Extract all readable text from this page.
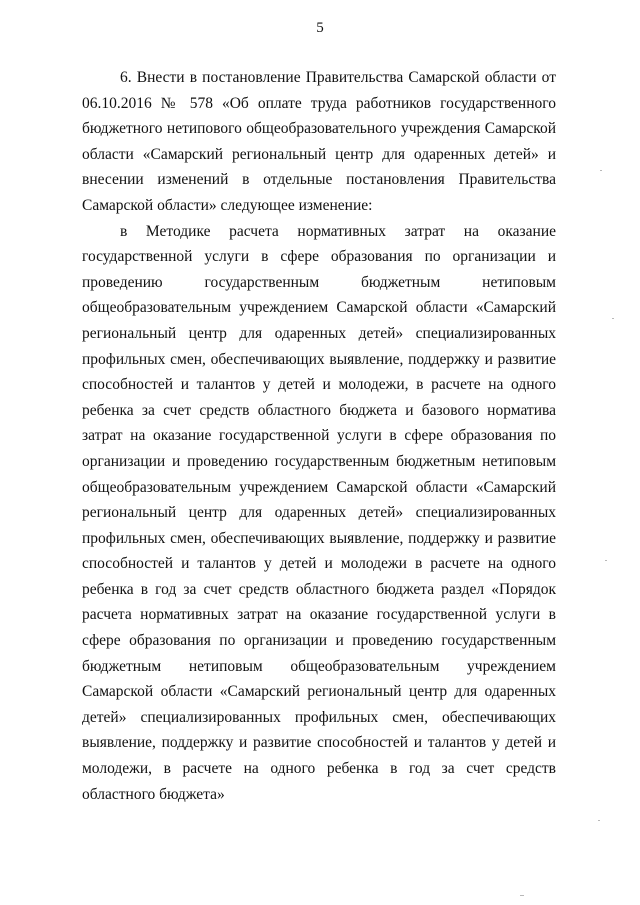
5

6. Внести в постановление Правительства Самарской области от 06.10.2016 № 578 «Об оплате труда работников государственного бюджетного нетипового общеобразовательного учреждения Самарской области «Самарский региональный центр для одаренных детей» и внесении изменений в отдельные постановления Правительства Самарской области» следующее изменение:

в Методике расчета нормативных затрат на оказание государственной услуги в сфере образования по организации и проведению государственным бюджетным нетиповым общеобразовательным учреждением Самарской области «Самарский региональный центр для одаренных детей» специализированных профильных смен, обеспечивающих выявление, поддержку и развитие способностей и талантов у детей и молодежи, в расчете на одного ребенка за счет средств областного бюджета и базового норматива затрат на оказание государственной услуги в сфере образования по организации и проведению государственным бюджетным нетиповым общеобразовательным учреждением Самарской области «Самарский региональный центр для одаренных детей» специализированных профильных смен, обеспечивающих выявление, поддержку и развитие способностей и талантов у детей и молодежи в расчете на одного ребенка в год за счет средств областного бюджета раздел «Порядок расчета нормативных затрат на оказание государственной услуги в сфере образования по организации и проведению государственным бюджетным нетиповым общеобразовательным учреждением Самарской области «Самарский региональный центр для одаренных детей» специализированных профильных смен, обеспечивающих выявление, поддержку и развитие способностей и талантов у детей и молодежи, в расчете на одного ребенка в год за счет средств областного бюджета»
